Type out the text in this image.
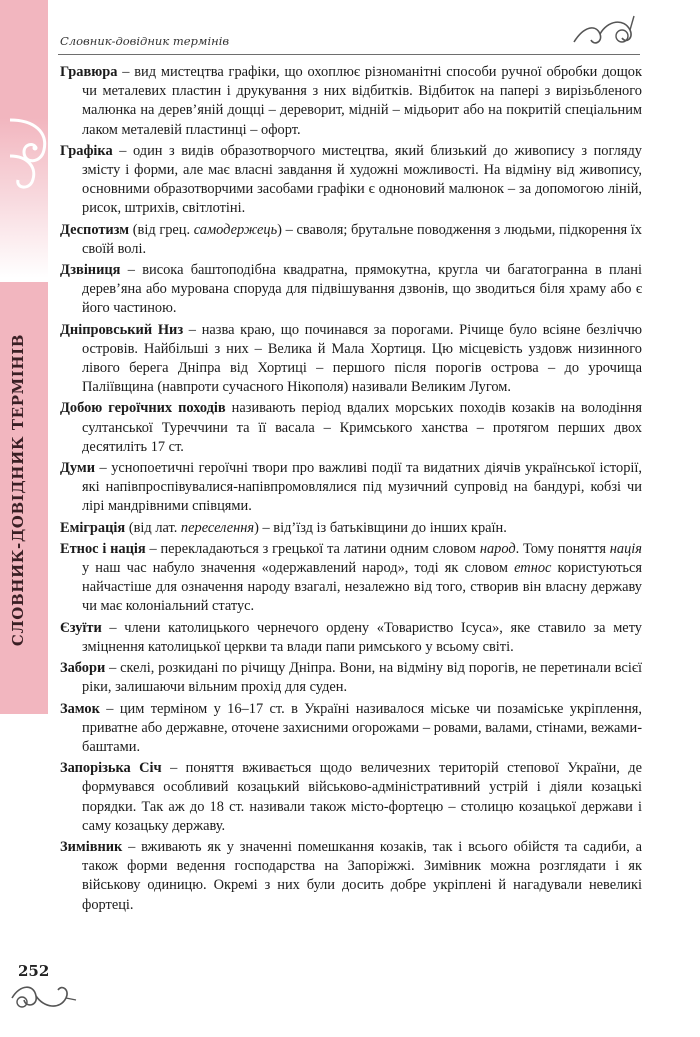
СЛОВНИК-ДОВІДНИК ТЕРМІНІВ
Словник-довідник термінів

Гравюра – вид мистецтва графіки, що охоплює різноманітні способи ручної обробки дощок чи металевих пластин і друкування з них відбитків. Відбиток на папері з вирізьбленого малюнка на дерев’яній дощці – дереворит, мідній – мідьорит або на покритій спеціальним лаком металевій пластинці – офорт.

Графіка – один з видів образотворчого мистецтва, який близький до живопису з погляду змісту і форми, але має власні завдання й художні можливості. На відміну від живопису, основними образотворчими засобами графіки є одноновий малюнок – за допомогою ліній, рисок, штрихів, світлотіні.

Деспотизм (від грец. самодержець) – сваволя; брутальне поводження з людьми, підкорення їх своїй волі.

Дзвіниця – висока баштоподібна квадратна, прямокутна, кругла чи багатогранна в плані дерев’яна або мурована споруда для підвішування дзвонів, що зводиться біля храму або є його частиною.

Дніпровський Низ – назва краю, що починався за порогами. Річище було всіяне безліччю островів. Найбільші з них – Велика й Мала Хортиця. Цю місцевість уздовж низинного лівого берега Дніпра від Хортиці – першого після порогів острова – до урочища Паліївщина (навпроти сучасного Нікополя) називали Великим Лугом.

Добою героїчних походів називають період вдалих морських походів козаків на володіння султанської Туреччини та її васала – Кримського ханства – протягом перших двох десятиліть 17 ст.

Думи – уснопоетичні героїчні твори про важливі події та видатних діячів української історії, які напівпроспівувалися-напівпромовлялися під музичний супровід на бандурі, кобзі чи лірі мандрівними співцями.

Еміграція (від лат. переселення) – від’їзд із батьківщини до інших країн.

Етнос і нація – перекладаються з грецької та латини одним словом народ. Тому поняття нація у наш час набуло значення «одержавлений народ», тоді як словом етнос користуються найчастіше для означення народу взагалі, незалежно від того, створив він власну державу чи має колоніальний статус.

Єзуїти – члени католицького чернечого ордену «Товариство Ісуса», яке ставило за мету зміцнення католицької церкви та влади папи римського у всьому світі.

Забори – скелі, розкидані по річищу Дніпра. Вони, на відміну від порогів, не перетинали всієї ріки, залишаючи вільним прохід для суден.

Замок – цим терміном у 16–17 ст. в Україні називалося міське чи позаміське укріплення, приватне або державне, оточене захисними огорожами – ровами, валами, стінами, вежами-баштами.

Запорізька Січ – поняття вживається щодо величезних територій степової України, де формувався особливий козацький військово-адміністративний устрій і діяли козацькі порядки. Так аж до 18 ст. називали також місто-фортецю – столицю козацької держави і саму козацьку державу.

Зимівник – вживають як у значенні помешкання козаків, так і всього обійстя та садиби, а також форми ведення господарства на Запоріжжі. Зимівник можна розглядати і як військову одиницю. Окремі з них були досить добре укріплені й нагадували невеликі фортеці.

252
